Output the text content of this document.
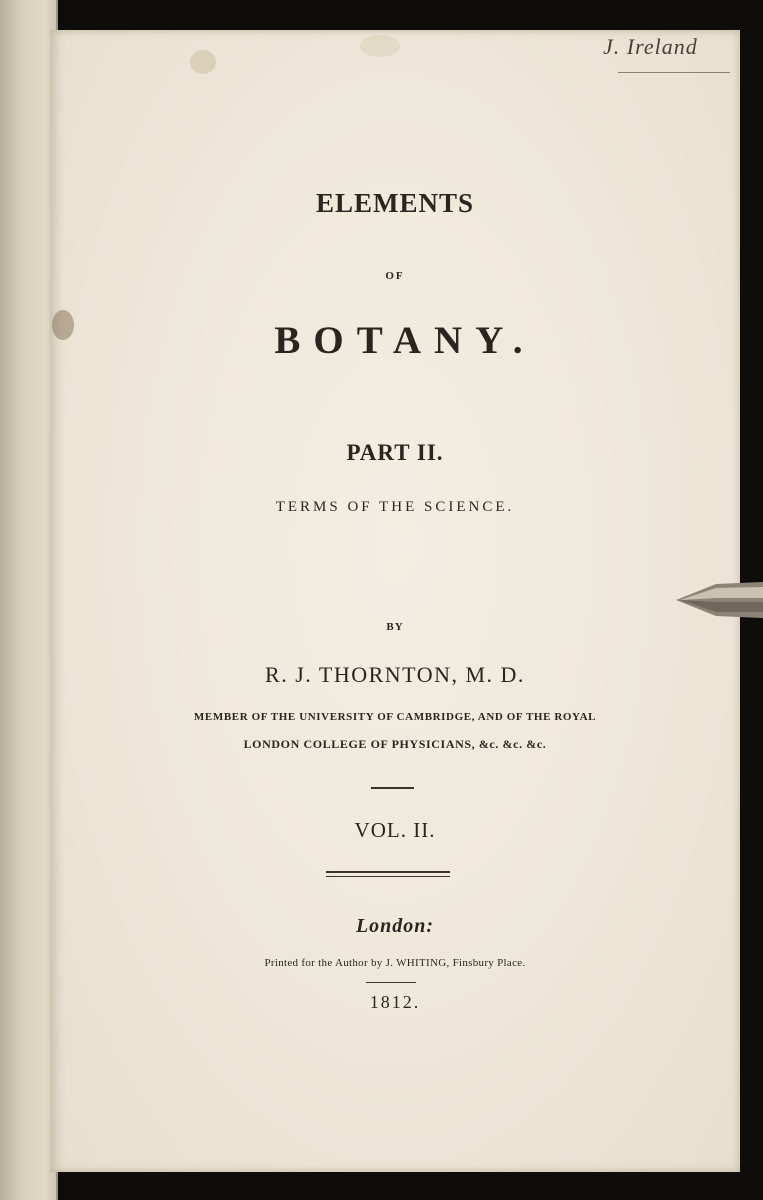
J. Ireland
ELEMENTS
OF
BOTANY.
PART II.
TERMS OF THE SCIENCE.
BY
R. J. THORNTON, M. D.
MEMBER OF THE UNIVERSITY OF CAMBRIDGE, AND OF THE ROYAL
LONDON COLLEGE OF PHYSICIANS, &c. &c. &c.
VOL. II.
London:
Printed for the Author by J. WHITING, Finsbury Place.
1812.
